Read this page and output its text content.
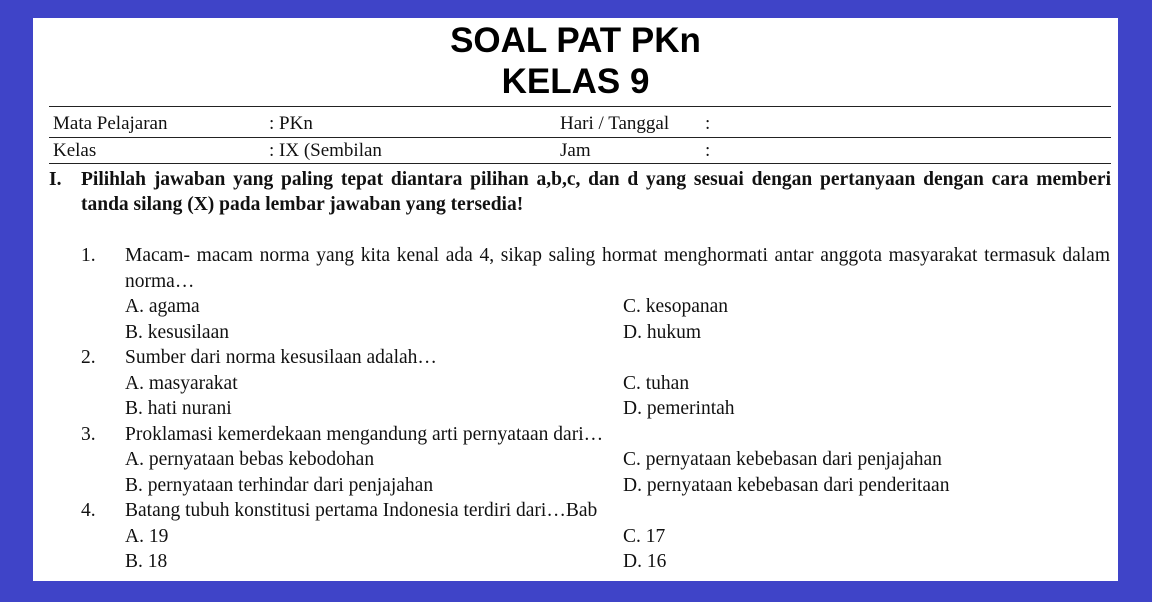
SOAL PAT PKn
KELAS 9
Mata Pelajaran	: PKn	Hari / Tanggal :
Kelas	: IX (Sembilan	Jam	:
I.	Pilihlah jawaban yang paling tepat diantara pilihan a,b,c, dan d yang sesuai dengan pertanyaan dengan cara memberi tanda silang (X) pada lembar jawaban yang tersedia!
1. Macam- macam norma yang kita kenal ada 4, sikap saling hormat menghormati antar anggota masyarakat termasuk dalam norma…
A. agama	C. kesopanan
B. kesusilaan	D. hukum
2. Sumber dari norma kesusilaan adalah…
A. masyarakat	C. tuhan
B. hati nurani	D. pemerintah
3. Proklamasi kemerdekaan mengandung arti pernyataan dari…
A. pernyataan bebas kebodohan	C. pernyataan kebebasan dari penjajahan
B. pernyataan terhindar dari penjajahan	D. pernyataan kebebasan dari penderitaan
4. Batang tubuh konstitusi pertama Indonesia terdiri dari…Bab
A. 19	C. 17
B. 18	D. 16
